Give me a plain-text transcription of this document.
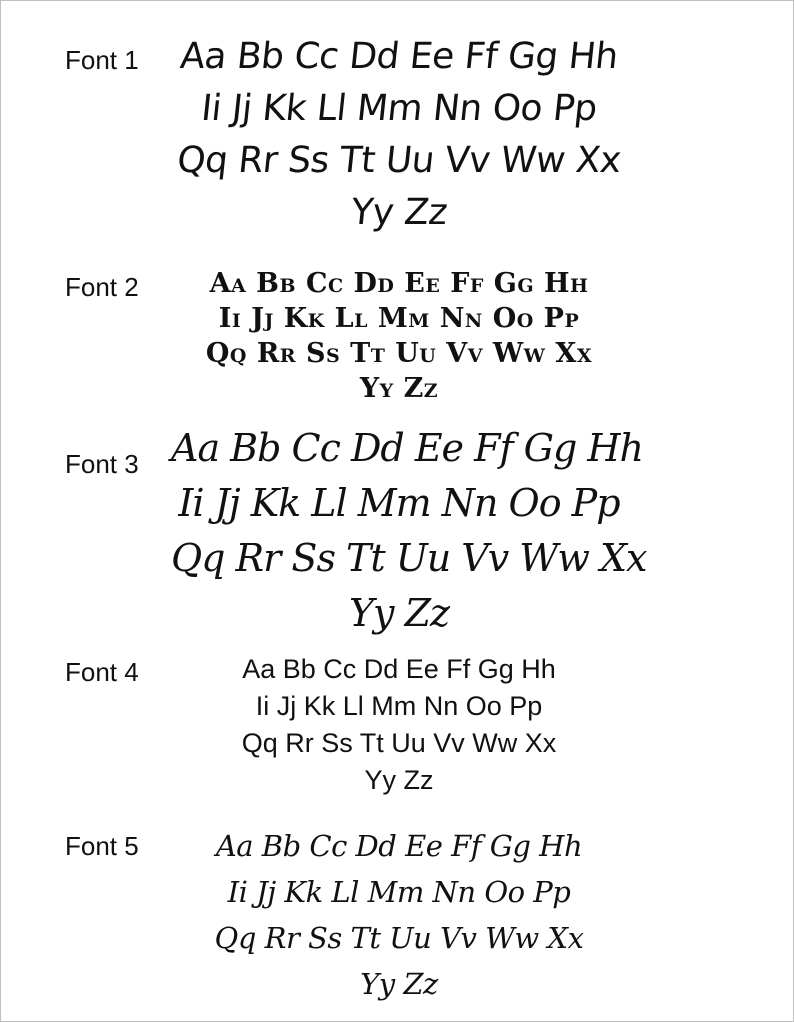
Font 1 Aa Bb Cc Dd Ee Ff Gg Hh
Ii Jj Kk Ll Mm Nn Oo Pp
Qq Rr Ss Tt Uu Vv Ww Xx
Yy Zz
Font 2	Aa Bb Cc Dd Ee Ff Gg Hh
Ii Jj Kk Ll Mm Nn Oo Pp
Qq Rr Ss Tt Uu Vv Ww Xx
Yy Zz
Font 3 Aa Bb Cc Dd Ee Ff Gg Hh
Ii Jj Kk Ll Mm Nn Oo Pp
Qq Rr Ss Tt Uu Vv Ww Xx
Yy Zz
Font 4	Aa Bb Cc Dd Ee Ff Gg Hh
Ii Jj Kk Ll Mm Nn Oo Pp
Qq Rr Ss Tt Uu Vv Ww Xx
Yy Zz
Font 5	Aa Bb Cc Dd Ee Ff Gg Hh
Ii Jj Kk Ll Mm Nn Oo Pp
Qq Rr Ss Tt Uu Vv Ww Xx
Yy Zz
